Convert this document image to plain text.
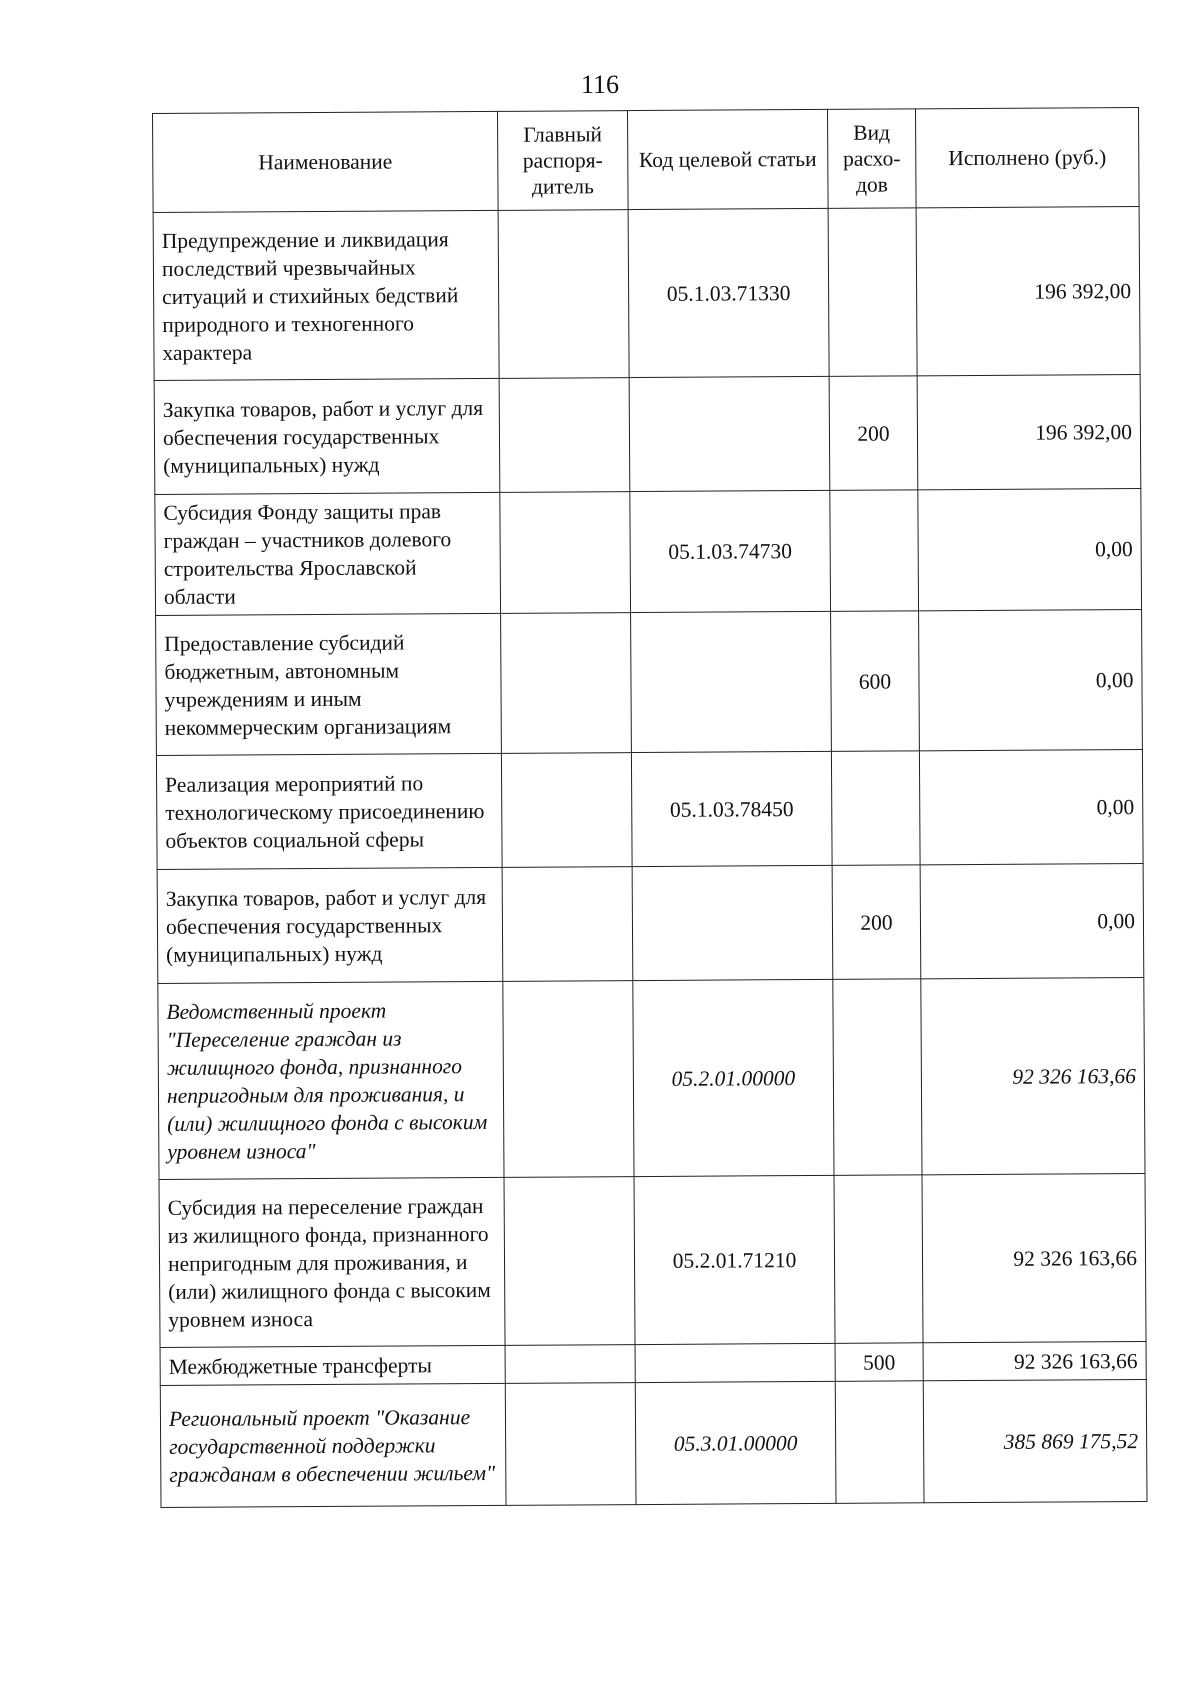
116
Наименование	Главный распоря-дитель	Код целевой статьи	Вид расхо-дов	Исполнено (руб.)
Предупреждение и ликвидация последствий чрезвычайных ситуаций и стихийных бедствий природного и техногенного характера		05.1.03.71330		196 392,00
Закупка товаров, работ и услуг для обеспечения государственных (муниципальных) нужд			200	196 392,00
Субсидия Фонду защиты прав граждан – участников долевого строительства Ярославской области		05.1.03.74730		0,00
Предоставление субсидий бюджетным, автономным учреждениям и иным некоммерческим организациям			600	0,00
Реализация мероприятий по технологическому присоединению объектов социальной сферы		05.1.03.78450		0,00
Закупка товаров, работ и услуг для обеспечения государственных (муниципальных) нужд			200	0,00
Ведомственный проект "Переселение граждан из жилищного фонда, признанного непригодным для проживания, и (или) жилищного фонда с высоким уровнем износа"		05.2.01.00000		92 326 163,66
Субсидия на переселение граждан из жилищного фонда, признанного непригодным для проживания, и (или) жилищного фонда с высоким уровнем износа		05.2.01.71210		92 326 163,66
Межбюджетные трансферты			500	92 326 163,66
Региональный проект "Оказание государственной поддержки гражданам в обеспечении жильем"		05.3.01.00000		385 869 175,52
